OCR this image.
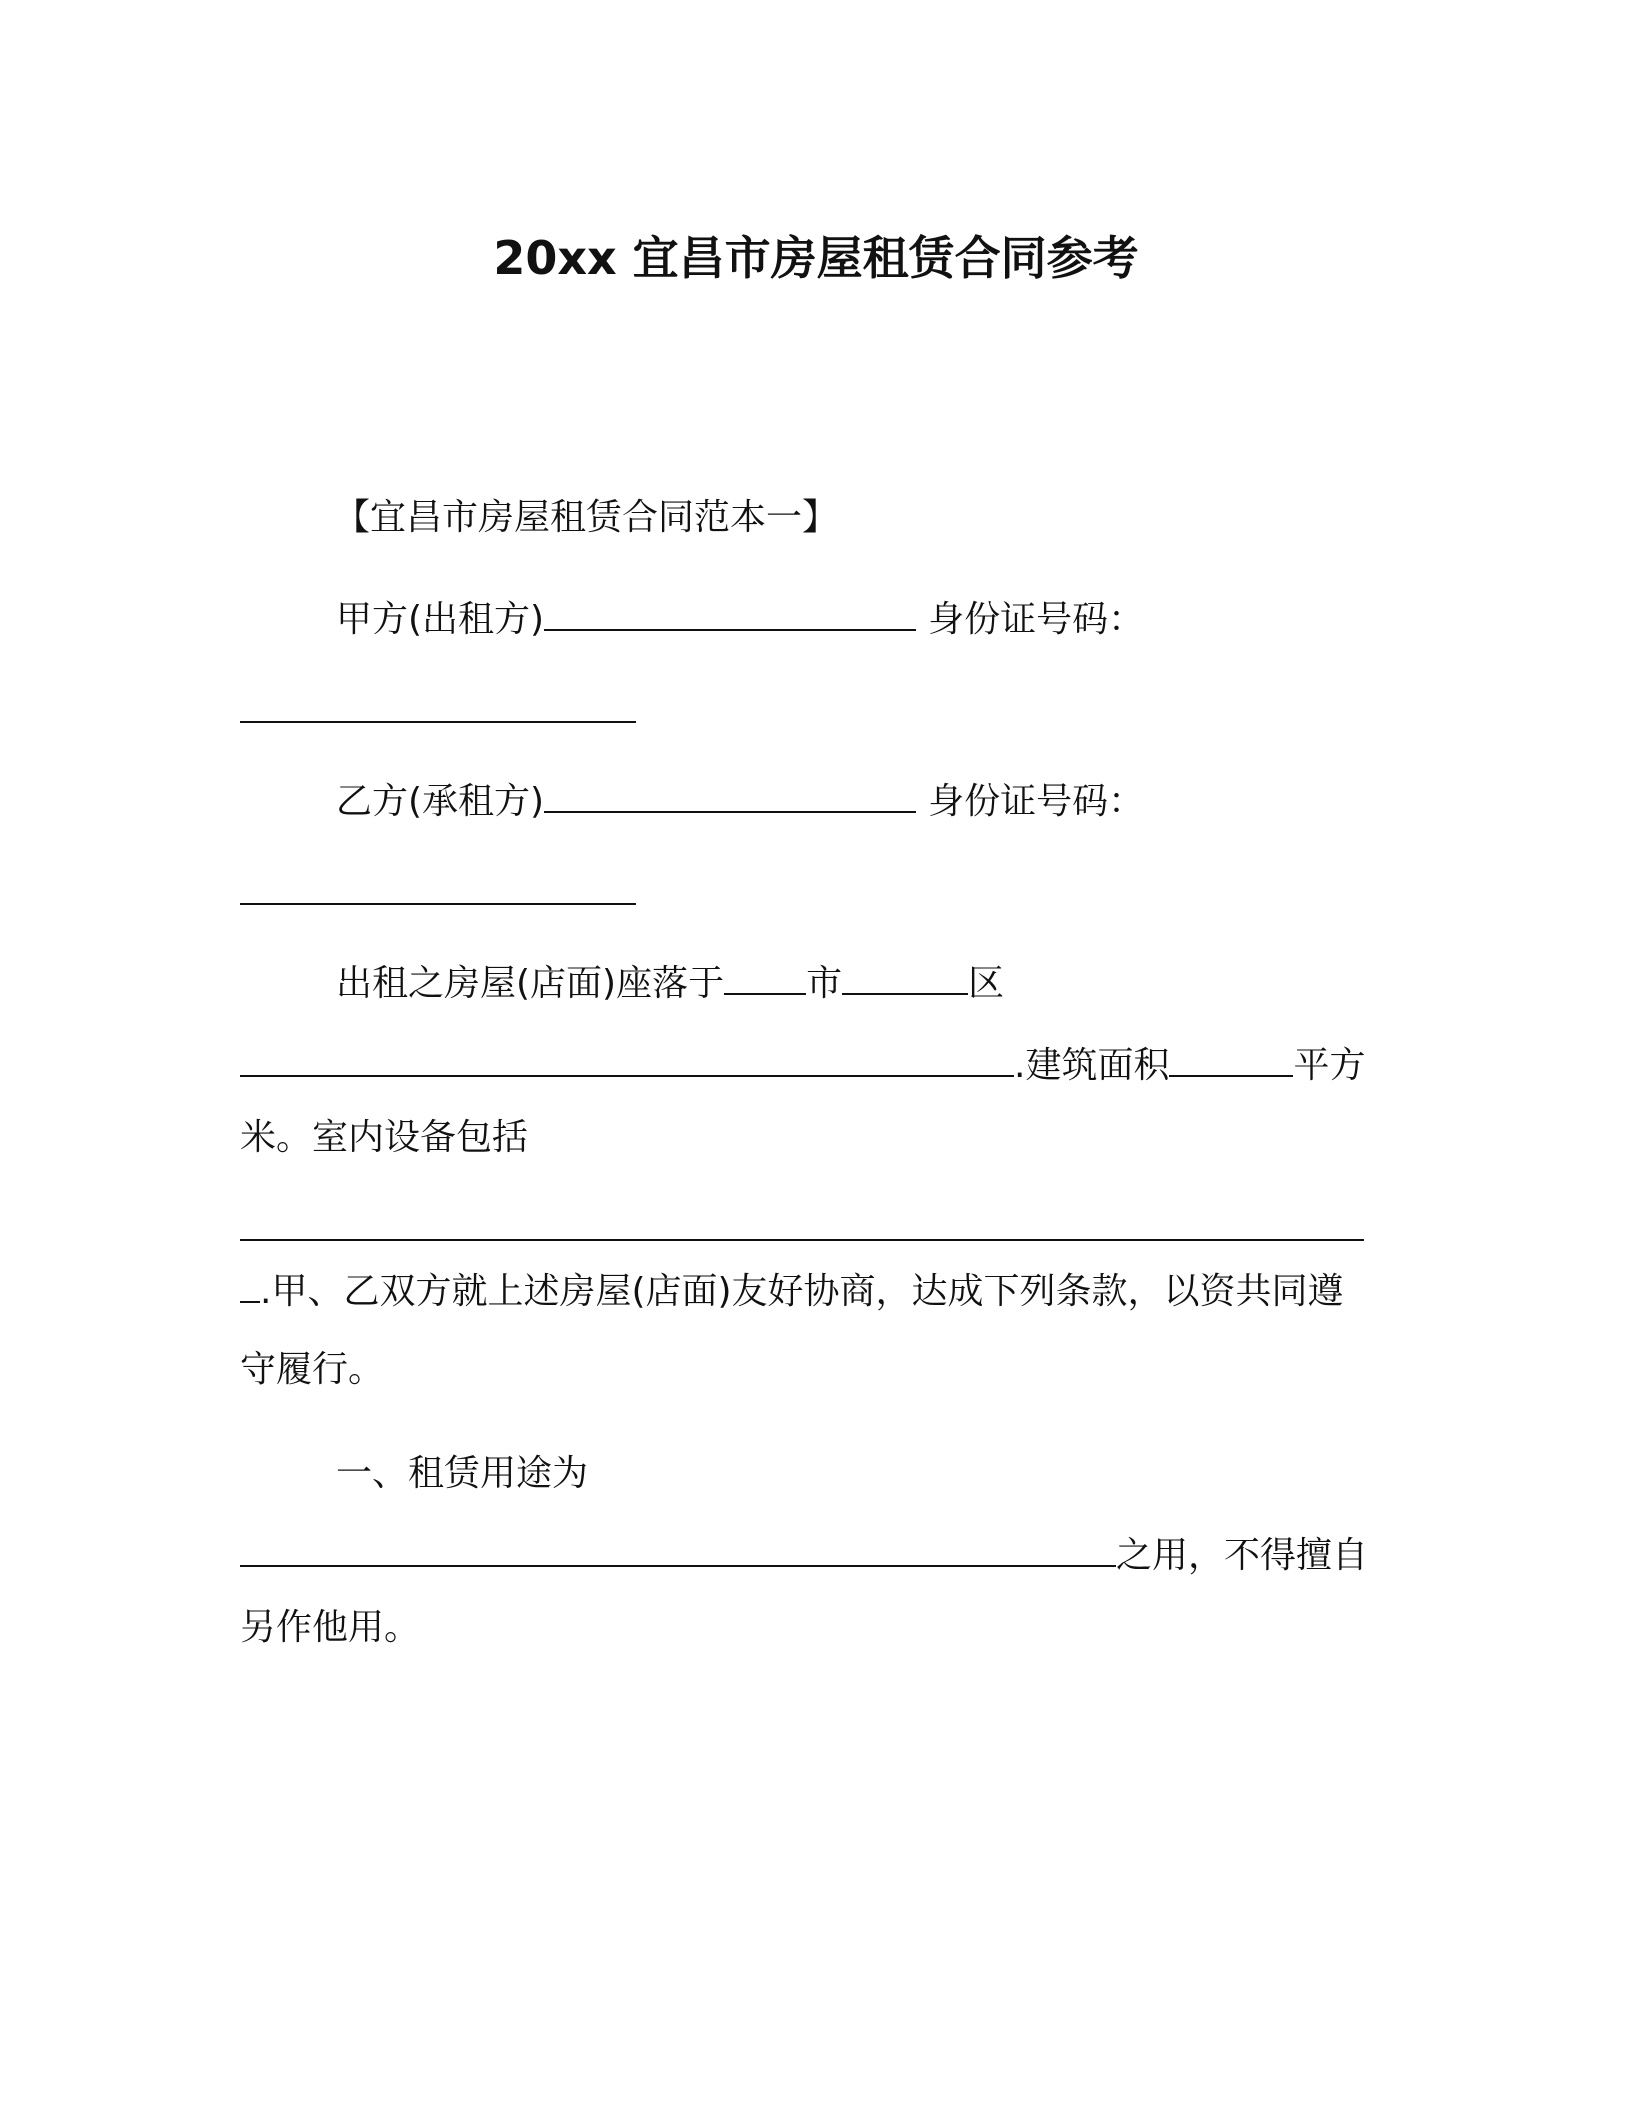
20xx 宜昌市房屋租赁合同参考
【宜昌市房屋租赁合同范本一】
甲方(出租方)	身份证号码：
乙方(承租方)	身份证号码：
出租之房屋(店面)座落于 市	区
.建筑面积	平方
米。室内设备包括
.甲、乙双方就上述房屋(店面)友好协商，达成下列条款，以资共同遵
守履行。
一、租赁用途为
之用，不得擅自
另作他用。
